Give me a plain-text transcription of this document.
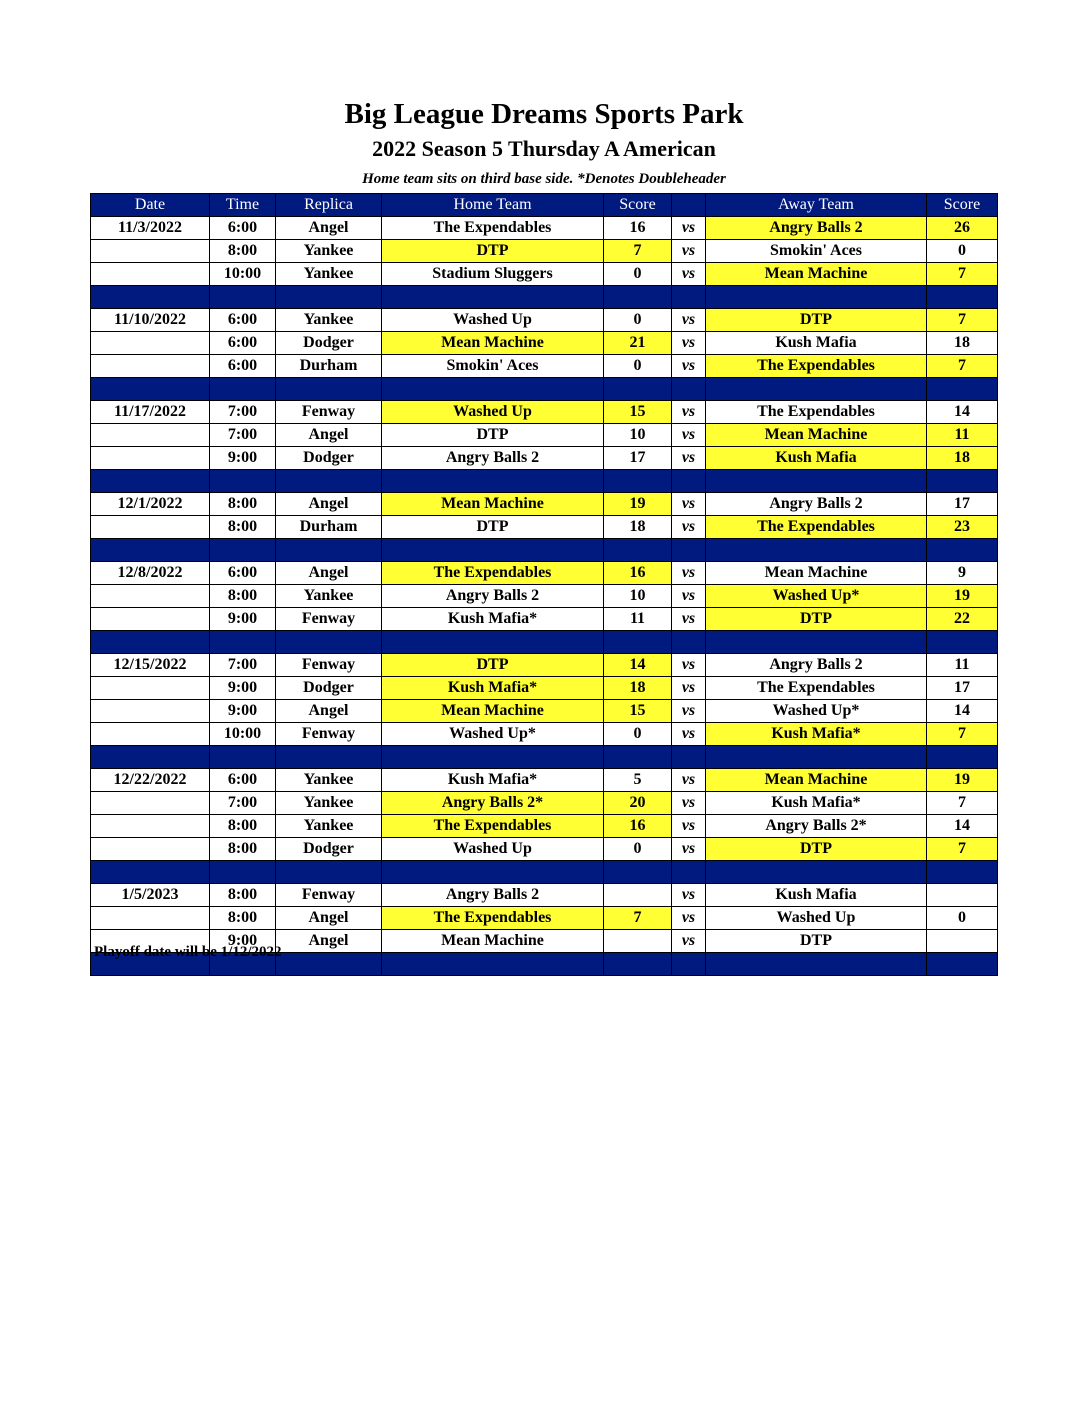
Big League Dreams Sports Park
2022 Season 5 Thursday A American
Home team sits on third base side. *Denotes Doubleheader
Date	Time	Replica	Home Team	Score		Away Team	Score
11/3/2022	6:00	Angel	The Expendables	16	vs	Angry Balls 2	26
	8:00	Yankee	DTP	7	vs	Smokin' Aces	0
	10:00	Yankee	Stadium Sluggers	0	vs	Mean Machine	7

11/10/2022	6:00	Yankee	Washed Up	0	vs	DTP	7
	6:00	Dodger	Mean Machine	21	vs	Kush Mafia	18
	6:00	Durham	Smokin' Aces	0	vs	The Expendables	7

11/17/2022	7:00	Fenway	Washed Up	15	vs	The Expendables	14
	7:00	Angel	DTP	10	vs	Mean Machine	11
	9:00	Dodger	Angry Balls 2	17	vs	Kush Mafia	18

12/1/2022	8:00	Angel	Mean Machine	19	vs	Angry Balls 2	17
	8:00	Durham	DTP	18	vs	The Expendables	23

12/8/2022	6:00	Angel	The Expendables	16	vs	Mean Machine	9
	8:00	Yankee	Angry Balls 2	10	vs	Washed Up*	19
	9:00	Fenway	Kush Mafia*	11	vs	DTP	22

12/15/2022	7:00	Fenway	DTP	14	vs	Angry Balls 2	11
	9:00	Dodger	Kush Mafia*	18	vs	The Expendables	17
	9:00	Angel	Mean Machine	15	vs	Washed Up*	14
	10:00	Fenway	Washed Up*	0	vs	Kush Mafia*	7

12/22/2022	6:00	Yankee	Kush Mafia*	5	vs	Mean Machine	19
	7:00	Yankee	Angry Balls 2*	20	vs	Kush Mafia*	7
	8:00	Yankee	The Expendables	16	vs	Angry Balls 2*	14
	8:00	Dodger	Washed Up	0	vs	DTP	7

1/5/2023	8:00	Fenway	Angry Balls 2		vs	Kush Mafia	
	8:00	Angel	The Expendables	7	vs	Washed Up	0
	9:00	Angel	Mean Machine		vs	DTP	

Playoff date will be 1/12/2022
